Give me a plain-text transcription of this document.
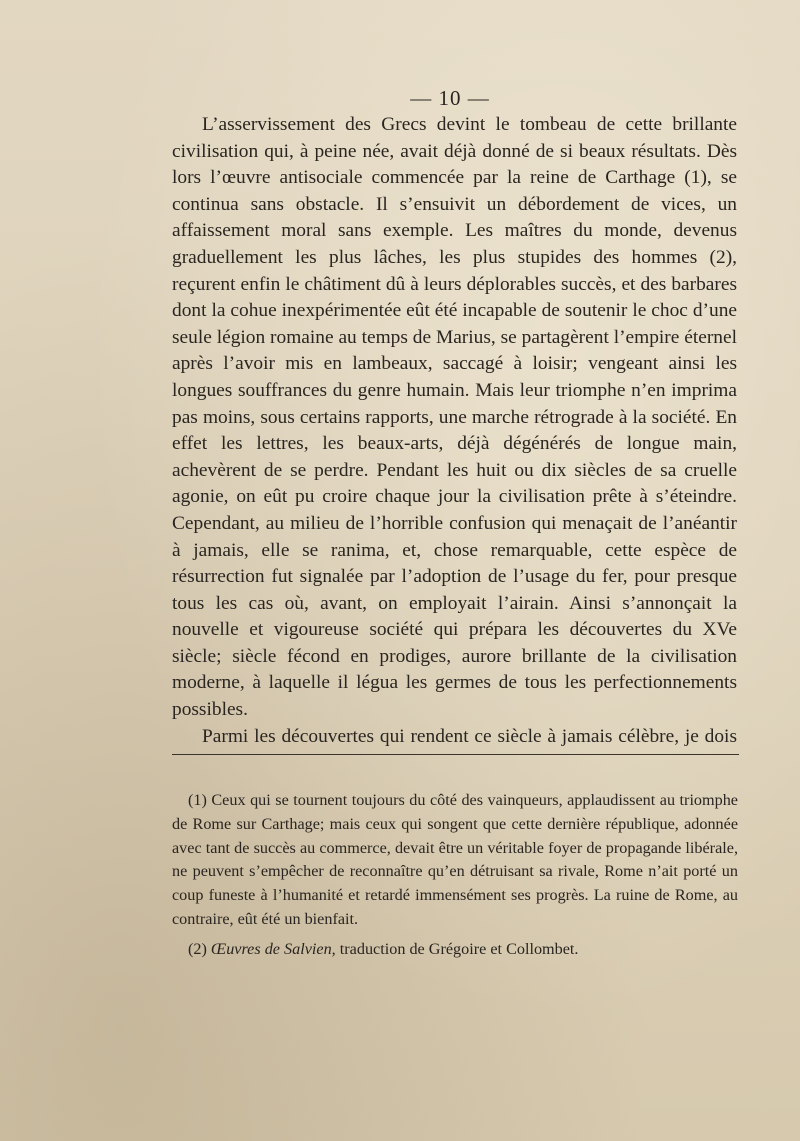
— 10 —

L’asservissement des Grecs devint le tombeau de cette brillante civilisation qui, à peine née, avait déjà donné de si beaux résultats. Dès lors l’œuvre antisociale commencée par la reine de Carthage (1), se continua sans obstacle. Il s’ensuivit un débordement de vices, un affaissement moral sans exemple. Les maîtres du monde, devenus graduellement les plus lâches, les plus stupides des hommes (2), reçurent enfin le châtiment dû à leurs déplorables succès, et des barbares dont la cohue inexpérimentée eût été incapable de soutenir le choc d’une seule légion romaine au temps de Marius, se partagèrent l’empire éternel après l’avoir mis en lambeaux, saccagé à loisir; vengeant ainsi les longues souffrances du genre humain. Mais leur triomphe n’en imprima pas moins, sous certains rapports, une marche rétrograde à la société. En effet les lettres, les beaux-arts, déjà dégénérés de longue main, achevèrent de se perdre. Pendant les huit ou dix siècles de sa cruelle agonie, on eût pu croire chaque jour la civilisation prête à s’éteindre. Cependant, au milieu de l’horrible confusion qui menaçait de l’anéantir à jamais, elle se ranima, et, chose remarquable, cette espèce de résurrection fut signalée par l’adoption de l’usage du fer, pour presque tous les cas où, avant, on employait l’airain. Ainsi s’annonçait la nouvelle et vigoureuse société qui prépara les découvertes du XVe siècle; siècle fécond en prodiges, aurore brillante de la civilisation moderne, à laquelle il légua les germes de tous les perfectionnements possibles.

Parmi les découvertes qui rendent ce siècle à jamais célèbre, je dois

(1) Ceux qui se tournent toujours du côté des vainqueurs, applaudissent au triomphe de Rome sur Carthage; mais ceux qui songent que cette dernière république, adonnée avec tant de succès au commerce, devait être un véritable foyer de propagande libérale, ne peuvent s’empêcher de reconnaître qu’en détruisant sa rivale, Rome n’ait porté un coup funeste à l’humanité et retardé immensément ses progrès. La ruine de Rome, au contraire, eût été un bienfait.

(2) Œuvres de Salvien, traduction de Grégoire et Collombet.
